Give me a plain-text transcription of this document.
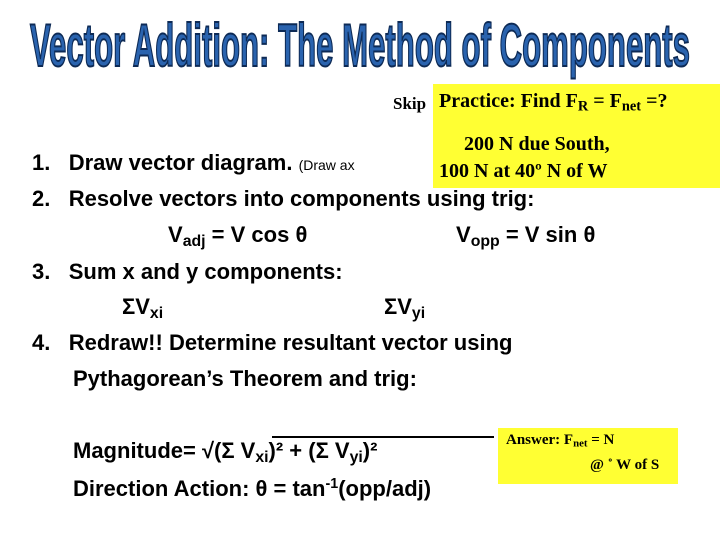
Vector Addition: The Method of Components
Skip Practice: Find $F_R = F_{net}$ =?
200 N due South,
100 N at 40º N of W
1. Draw vector diagram. (Draw ax
2. Resolve vectors into components using trig:
$V_{adj} = V$ cos θ	$V_{opp} = V$ sin θ
3. Sum x and y components:
$\Sigma V_{xi}$	$\Sigma V_{yi}$
4. Redraw!! Determine resultant vector using
Pythagorean’s Theorem and trig:
Magnitude= √(Σ $V_{xi})^2 + (\Sigma$ $V_{yi})^2$
Direction Action: $\theta = \tan^{-1}(opp/adj)$
Answer: $F_{net} = N$
@ ˚ W of S
